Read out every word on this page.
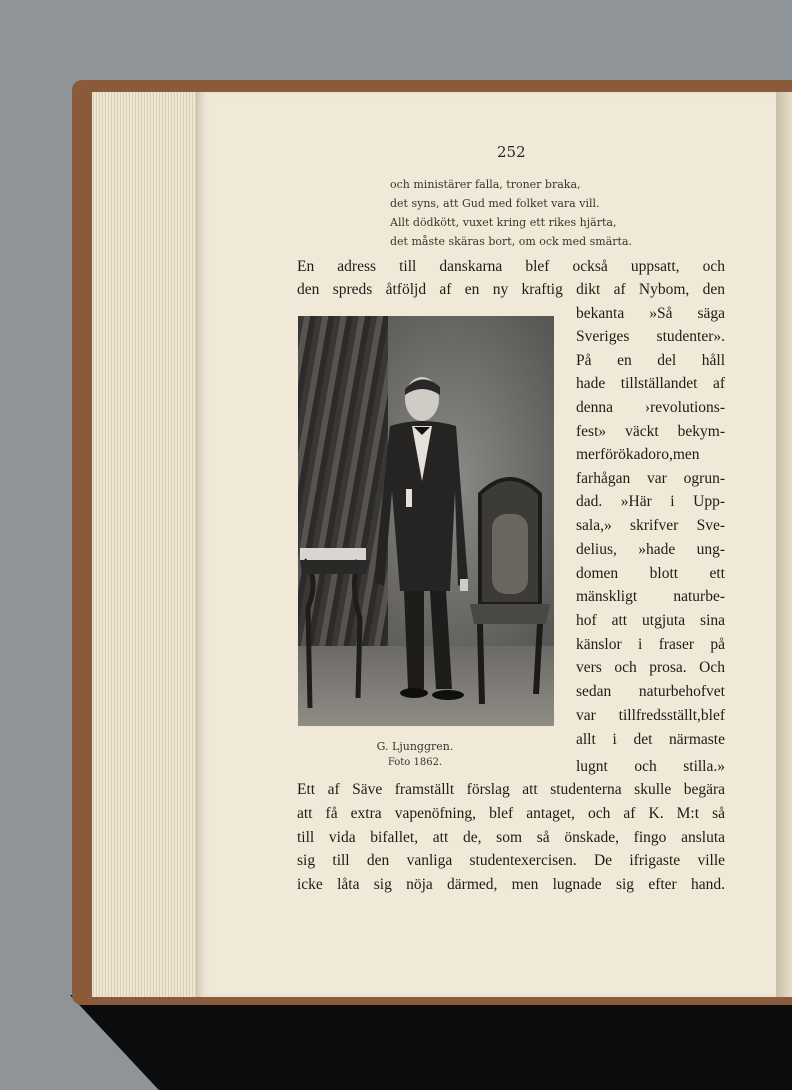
252
och ministärer falla, troner braka,
det syns, att Gud med folket vara vill.
Allt dödkött, vuxet kring ett rikes hjärta,
det måste skäras bort, om ock med smärta.
En adress till danskarna blef också uppsatt, och
den spreds åtföljd af en ny kraftig dikt af Nybom, den
bekanta »Så säga
Sveriges studenter».
På en del håll
hade tillställandet af
denna ›revolutions-
fest» väckt bekym-
merförökadoro,men
farhågan var ogrun-
dad. »Här i Upp-
sala,» skrifver Sve-
delius, »hade ung-
domen blott ett
mänskligt naturbe-
hof att utgjuta sina
känslor i fraser på
vers och prosa. Och
sedan naturbehofvet
var tillfredsställt,blef
allt i det närmaste
lugnt och stilla.»
G. Ljunggren.
Foto 1862.
Ett af Säve framställt förslag att studenterna skulle begära
att få extra vapenöfning, blef antaget, och af K. M:t så
till vida bifallet, att de, som så önskade, fingo ansluta
sig till den vanliga studentexercisen. De ifrigaste ville
icke låta sig nöja därmed, men lugnade sig efter hand.
